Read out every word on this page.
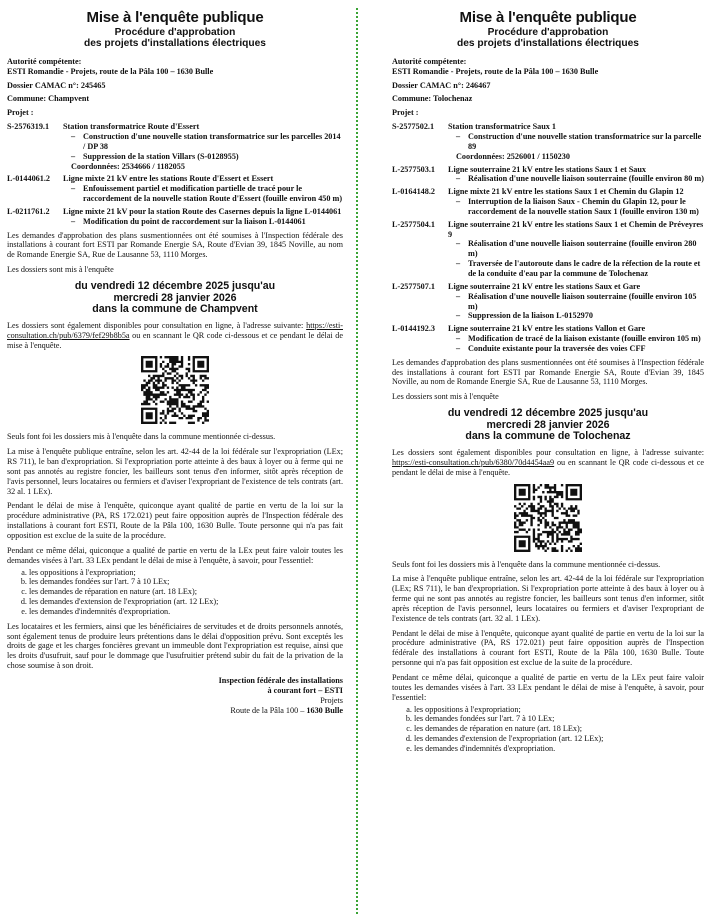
Mise à l'enquête publique
Procédure d'approbation
des projets d'installations électriques
Autorité compétente:
ESTI Romandie - Projets, route de la Pâla 100 – 1630 Bulle
Dossier CAMAC n°: 245465
Commune: Champvent
Projet :
S-2576319.1	Station transformatrice Route d'Essert
– Construction d'une nouvelle station transformatrice sur les parcelles 2014 / DP 38
– Suppression de la station Villars (S-0128955)
Coordonnées: 2534666 / 1182055
L-0144061.2	Ligne mixte 21 kV entre les stations Route d'Essert et Essert
– Enfouissement partiel et modification partielle de tracé pour le raccordement de la nouvelle station Route d'Essert (fouille environ 450 m)
L-0211761.2	Ligne mixte 21 kV pour la station Route des Casernes depuis la ligne L-0144061
– Modification du point de raccordement sur la liaison L-0144061
Les demandes d'approbation des plans susmentionnées ont été soumises à l'Inspection fédérale des installations à courant fort ESTI par Romande Energie SA, Route d'Evian 39, 1845 Noville, au nom de Romande Energie SA, Rue de Lausanne 53, 1110 Morges.
Les dossiers sont mis à l'enquête
du vendredi 12 décembre 2025 jusqu'au
mercredi 28 janvier 2026
dans la commune de Champvent
Les dossiers sont également disponibles pour consultation en ligne, à l'adresse suivante: https://esti-consultation.ch/pub/6379/fef29b8b5a ou en scannant le QR code ci-dessous et ce pendant le délai de mise à l'enquête.
Seuls font foi les dossiers mis à l'enquête dans la commune mentionnée ci-dessus.
La mise à l'enquête publique entraîne, selon les art. 42-44 de la loi fédérale sur l'expropriation (LEx; RS 711), le ban d'expropriation. Si l'expropriation porte atteinte à des baux à loyer ou à ferme qui ne sont pas annotés au registre foncier, les bailleurs sont tenus d'en informer, sitôt après réception de l'avis personnel, leurs locataires ou fermiers et d'aviser l'expropriant de l'existence de tels contrats (art. 32 al. 1 LEx).
Pendant le délai de mise à l'enquête, quiconque ayant qualité de partie en vertu de la loi sur la procédure administrative (PA, RS 172.021) peut faire opposition auprès de l'Inspection fédérale des installations à courant fort ESTI, Route de la Pâla 100, 1630 Bulle. Toute personne qui n'a pas fait opposition est exclue de la suite de la procédure.
Pendant ce même délai, quiconque a qualité de partie en vertu de la LEx peut faire valoir toutes les demandes visées à l'art. 33 LEx pendant le délai de mise à l'enquête, à savoir, pour l'essentiel:
a. les oppositions à l'expropriation;
b. les demandes fondées sur l'art. 7 à 10 LEx;
c. les demandes de réparation en nature (art. 18 LEx);
d. les demandes d'extension de l'expropriation (art. 12 LEx);
e. les demandes d'indemnités d'expropriation.
Les locataires et les fermiers, ainsi que les bénéficiaires de servitudes et de droits personnels annotés, sont également tenus de produire leurs prétentions dans le délai d'opposition prévu. Sont exceptés les droits de gage et les charges foncières grevant un immeuble dont l'expropriation est requise, ainsi que les droits d'usufruit, sauf pour le dommage que l'usufruitier prétend subir du fait de la privation de la chose soumise à son droit.
Inspection fédérale des installations
à courant fort – ESTI
Projets
Route de la Pâla 100 – 1630 Bulle
Mise à l'enquête publique
Procédure d'approbation
des projets d'installations électriques
Autorité compétente:
ESTI Romandie - Projets, route de la Pâla 100 – 1630 Bulle
Dossier CAMAC n°: 246467
Commune: Tolochenaz
Projet :
S-2577502.1	Station transformatrice Saux 1
– Construction d'une nouvelle station transformatrice sur la parcelle 89
Coordonnées: 2526001 / 1150230
L-2577503.1	Ligne souterraine 21 kV entre les stations Saux 1 et Saux
– Réalisation d'une nouvelle liaison souterraine (fouille environ 80 m)
L-0164148.2	Ligne mixte 21 kV entre les stations Saux 1 et Chemin du Glapin 12
– Interruption de la liaison Saux - Chemin du Glapin 12, pour le raccordement de la nouvelle station Saux 1 (fouille environ 130 m)
L-2577504.1	Ligne souterraine 21 kV entre les stations Saux 1 et Chemin de Préveyres 9
– Réalisation d'une nouvelle liaison souterraine (fouille environ 280 m)
– Traversée de l'autoroute dans le cadre de la réfection de la route et de la conduite d'eau par la commune de Tolochenaz
L-2577507.1	Ligne souterraine 21 kV entre les stations Saux et Gare
– Réalisation d'une nouvelle liaison souterraine (fouille environ 105 m)
– Suppression de la liaison L-0152970
L-0144192.3	Ligne souterraine 21 kV entre les stations Vallon et Gare
– Modification de tracé de la liaison existante (fouille environ 105 m)
– Conduite existante pour la traversée des voies CFF
Les demandes d'approbation des plans susmentionnées ont été soumises à l'Inspection fédérale des installations à courant fort ESTI par Romande Energie SA, Route d'Evian 39, 1845 Noville, au nom de Romande Energie SA, Rue de Lausanne 53, 1110 Morges.
Les dossiers sont mis à l'enquête
du vendredi 12 décembre 2025 jusqu'au
mercredi 28 janvier 2026
dans la commune de Tolochenaz
Les dossiers sont également disponibles pour consultation en ligne, à l'adresse suivante: https://esti-consultation.ch/pub/6380/70d4454aa9 ou en scannant le QR code ci-dessous et ce pendant le délai de mise à l'enquête.
Seuls font foi les dossiers mis à l'enquête dans la commune mentionnée ci-dessus.
La mise à l'enquête publique entraîne, selon les art. 42-44 de la loi fédérale sur l'expropriation (LEx; RS 711), le ban d'expropriation. Si l'expropriation porte atteinte à des baux à loyer ou à ferme qui ne sont pas annotés au registre foncier, les bailleurs sont tenus d'en informer, sitôt après réception de l'avis personnel, leurs locataires ou fermiers et d'aviser l'expropriant de l'existence de tels contrats (art. 32 al. 1 LEx).
Pendant le délai de mise à l'enquête, quiconque ayant qualité de partie en vertu de la loi sur la procédure administrative (PA, RS 172.021) peut faire opposition auprès de l'Inspection fédérale des installations à courant fort ESTI, Route de la Pâla 100, 1630 Bulle. Toute personne qui n'a pas fait opposition est exclue de la suite de la procédure.
Pendant ce même délai, quiconque a qualité de partie en vertu de la LEx peut faire valoir toutes les demandes visées à l'art. 33 LEx pendant le délai de mise à l'enquête, à savoir, pour l'essentiel:
a. les oppositions à l'expropriation;
b. les demandes fondées sur l'art. 7 à 10 LEx;
c. les demandes de réparation en nature (art. 18 LEx);
d. les demandes d'extension de l'expropriation (art. 12 LEx);
e. les demandes d'indemnités d'expropriation.
